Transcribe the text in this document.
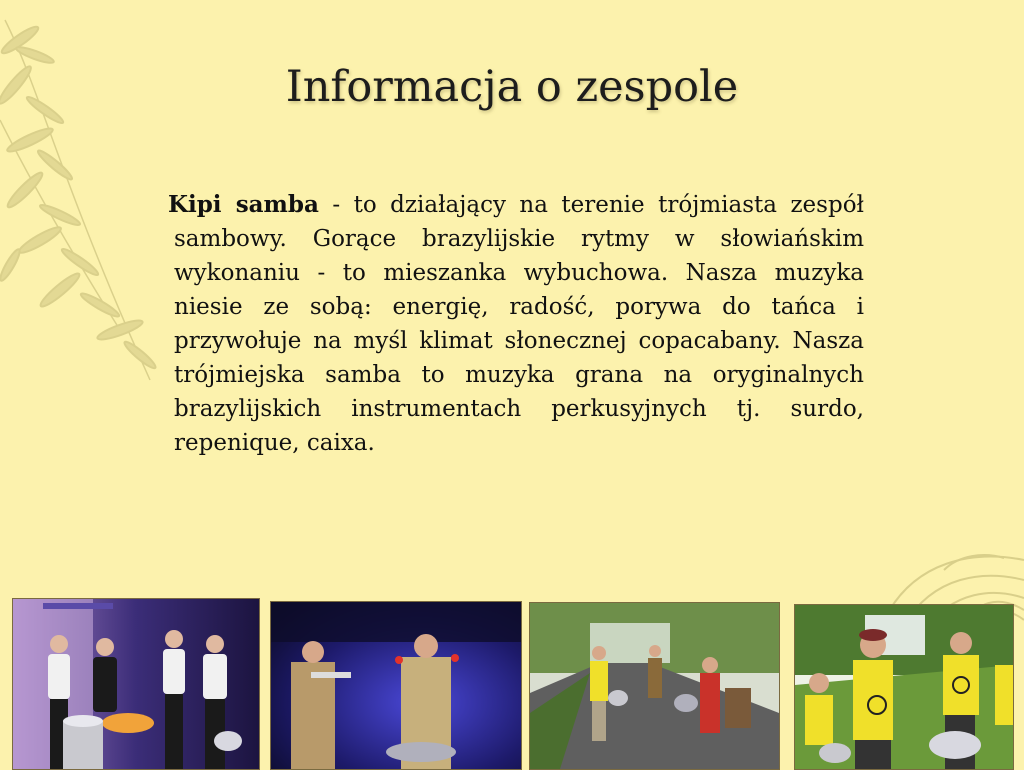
Informacja o zespole
Kipi samba - to działający na terenie trójmiasta zespół sambowy. Gorące brazylijskie rytmy w słowiańskim wykonaniu - to mieszanka wybuchowa. Nasza muzyka niesie ze sobą: energię, radość, porywa do tańca i przywołuje na myśl klimat słonecznej copacabany. Nasza trójmiejska samba to muzyka grana na oryginalnych brazylijskich instrumentach perkusyjnych tj. surdo, repenique, caixa.
